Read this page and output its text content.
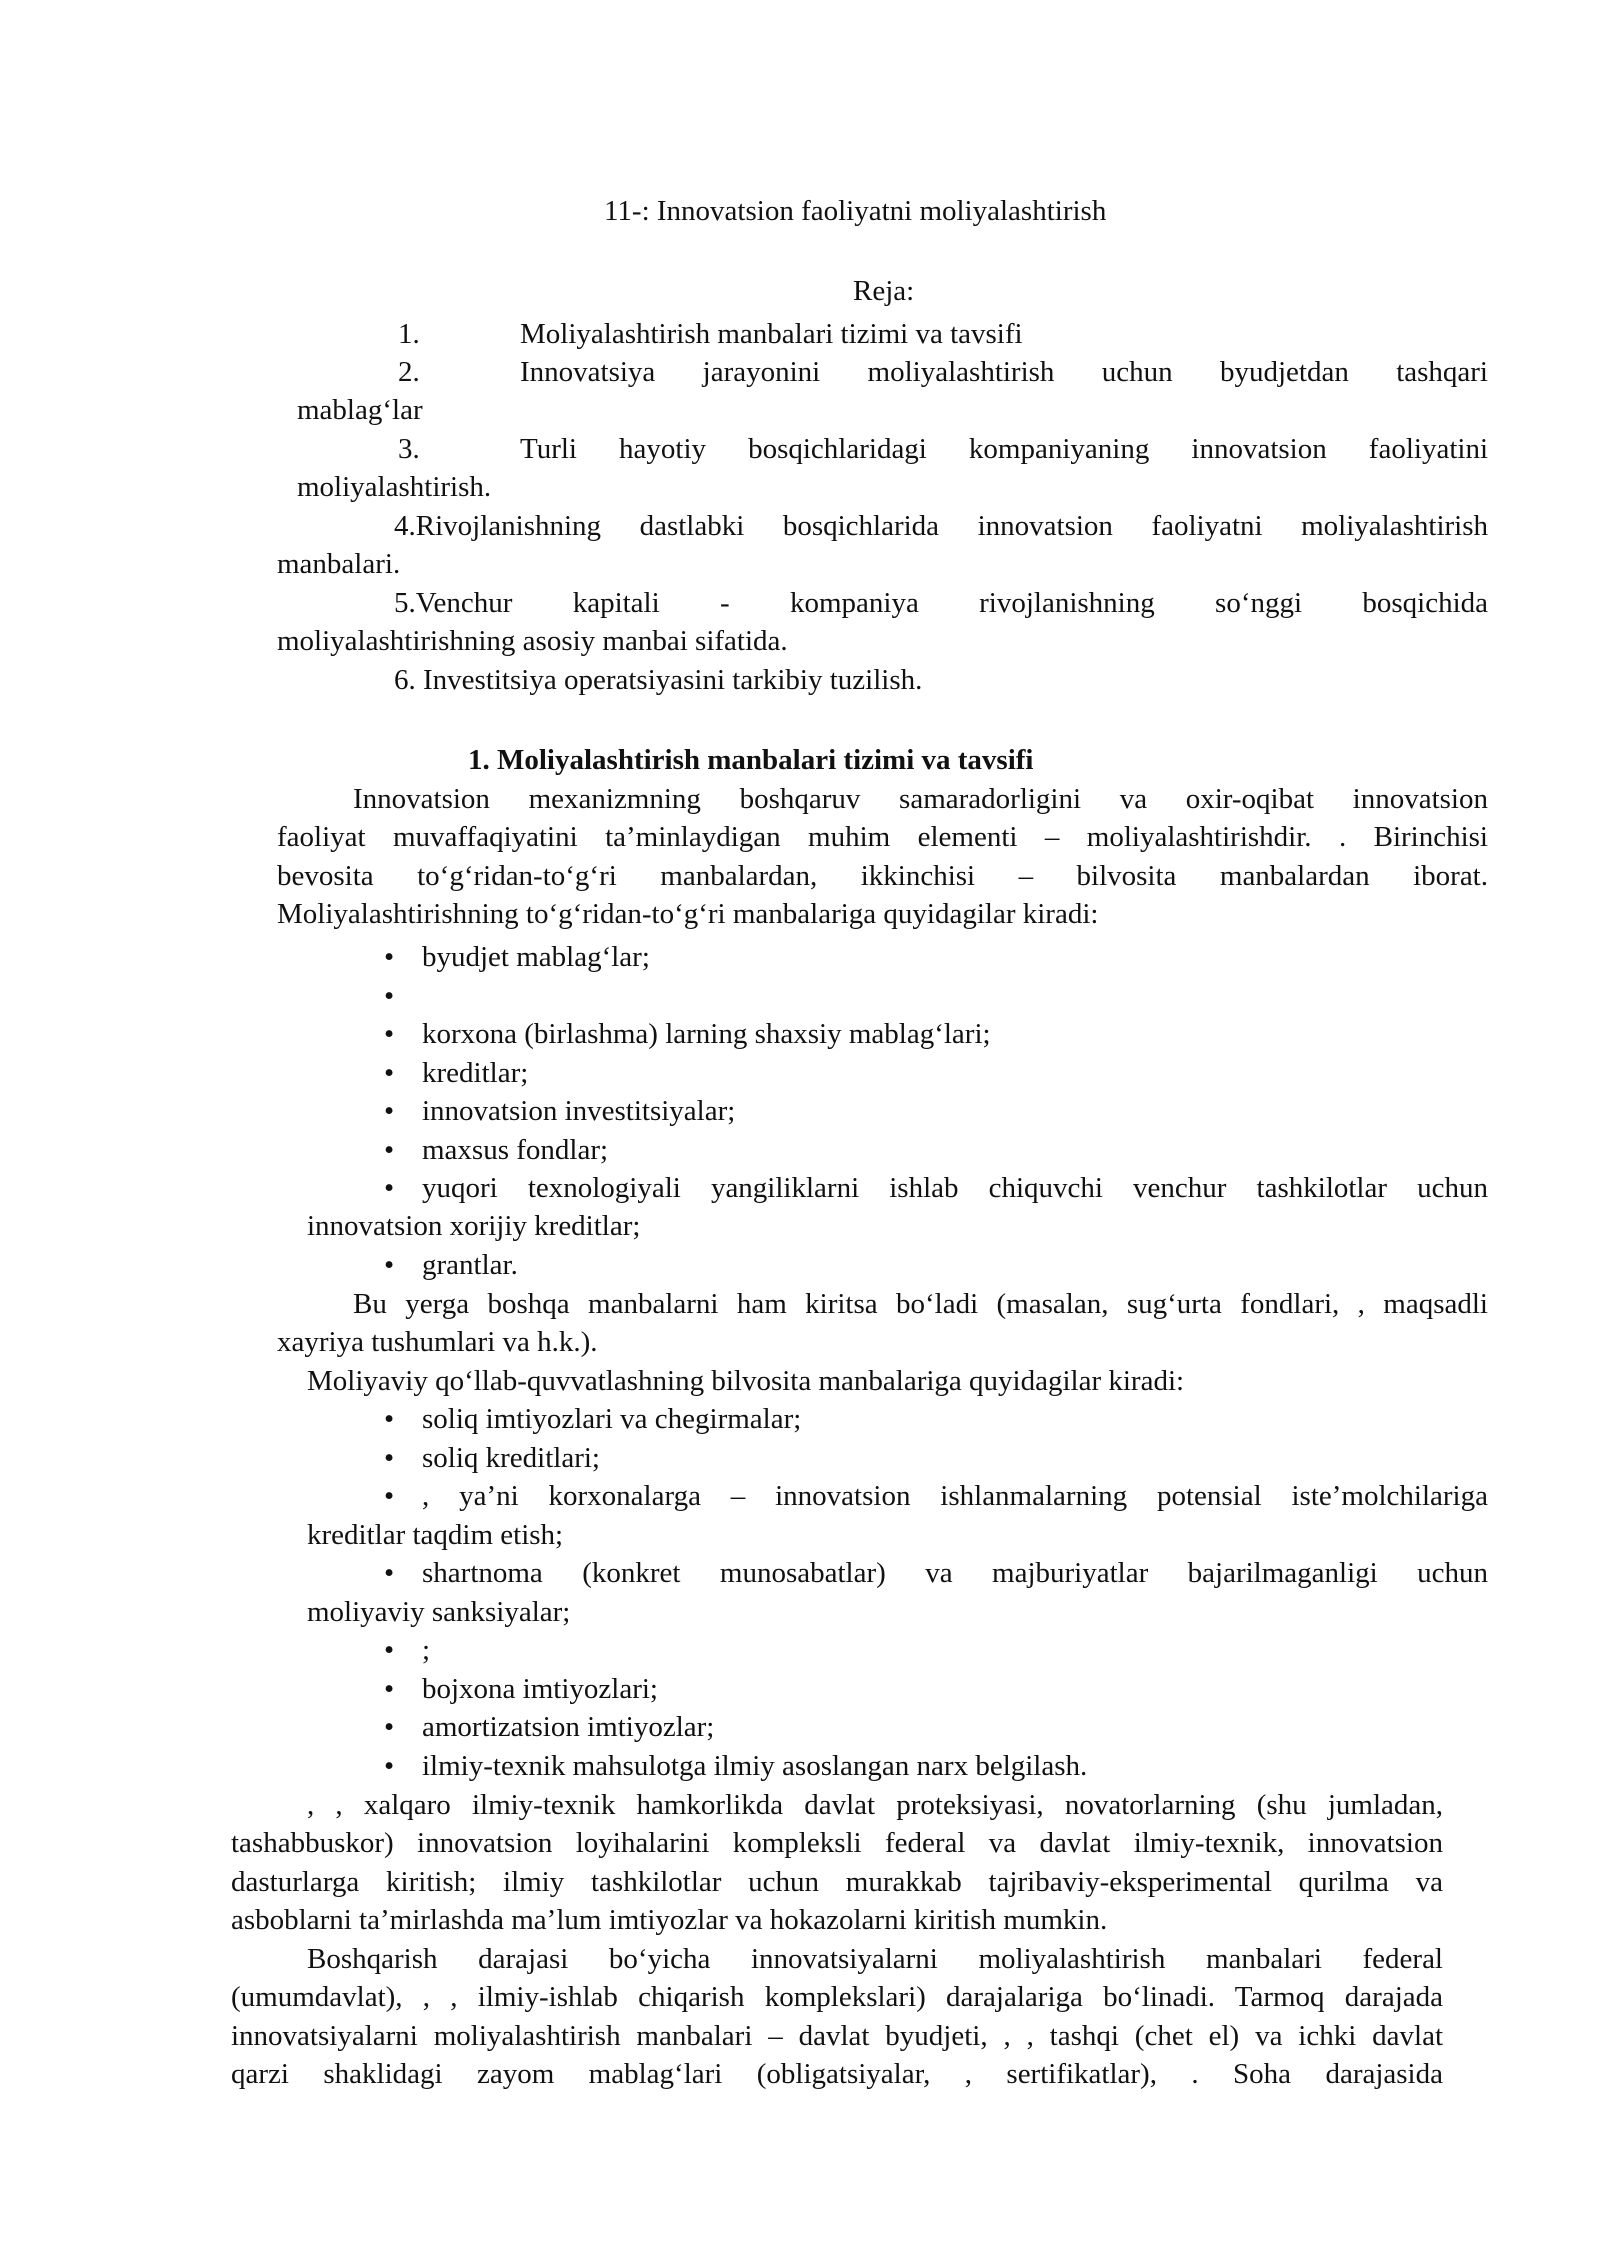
11-: Innovatsion faoliyatni moliyalashtirish
Reja:
1.	Moliyalashtirish manbalari tizimi va tavsifi
2.	Innovatsiya jarayonini moliyalashtirish uchun byudjetdan tashqari
mablag‘lar
3.	Turli hayotiy bosqichlaridagi kompaniyaning innovatsion faoliyatini
moliyalashtirish.
4.Rivojlanishning dastlabki bosqichlarida innovatsion faoliyatni moliyalashtirish
manbalari.
5.Venchur kapitali - kompaniya rivojlanishning so‘nggi bosqichida
moliyalashtirishning asosiy manbai sifatida.
6. Investitsiya operatsiyasini tarkibiy tuzilish.
1. Moliyalashtirish manbalari tizimi va tavsifi
Innovatsion mexanizmning boshqaruv samaradorligini va oxir-oqibat innovatsion
faoliyat muvaffaqiyatini ta’minlaydigan muhim elementi – moliyalashtirishdir. . Birinchisi
bevosita to‘g‘ridan-to‘g‘ri manbalardan, ikkinchisi – bilvosita manbalardan iborat.
Moliyalashtirishning to‘g‘ridan-to‘g‘ri manbalariga quyidagilar kiradi:
• byudjet mablag‘lar;
•
• korxona (birlashma) larning shaxsiy mablag‘lari;
• kreditlar;
• innovatsion investitsiyalar;
• maxsus fondlar;
• yuqori texnologiyali yangiliklarni ishlab chiquvchi venchur tashkilotlar uchun
innovatsion xorijiy kreditlar;
• grantlar.
Bu yerga boshqa manbalarni ham kiritsa bo‘ladi (masalan, sug‘urta fondlari, , maqsadli
xayriya tushumlari va h.k.).
Moliyaviy qo‘llab-quvvatlashning bilvosita manbalariga quyidagilar kiradi:
• soliq imtiyozlari va chegirmalar;
• soliq kreditlari;
• , ya’ni korxonalarga – innovatsion ishlanmalarning potensial iste’molchilariga
kreditlar taqdim etish;
• shartnoma (konkret munosabatlar) va majburiyatlar bajarilmaganligi uchun
moliyaviy sanksiyalar;
• ;
• bojxona imtiyozlari;
• amortizatsion imtiyozlar;
• ilmiy-texnik mahsulotga ilmiy asoslangan narx belgilash.
, , xalqaro ilmiy-texnik hamkorlikda davlat proteksiyasi, novatorlarning (shu jumladan,
tashabbuskor) innovatsion loyihalarini kompleksli federal va davlat ilmiy-texnik, innovatsion
dasturlarga kiritish; ilmiy tashkilotlar uchun murakkab tajribaviy-eksperimental qurilma va
asboblarni ta’mirlashda ma’lum imtiyozlar va hokazolarni kiritish mumkin.
Boshqarish darajasi bo‘yicha innovatsiyalarni moliyalashtirish manbalari federal
(umumdavlat), , , ilmiy-ishlab chiqarish komplekslari) darajalariga bo‘linadi. Tarmoq darajada
innovatsiyalarni moliyalashtirish manbalari – davlat byudjeti, , , tashqi (chet el) va ichki davlat
qarzi shaklidagi zayom mablag‘lari (obligatsiyalar, , sertifikatlar), . Soha darajasida
